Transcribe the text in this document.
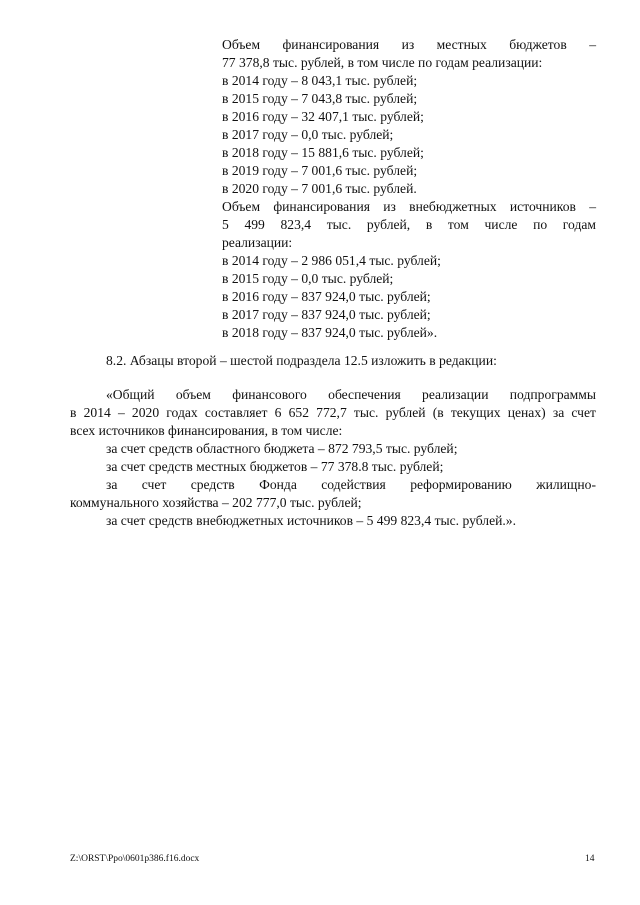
Объем финансирования из местных бюджетов –
77 378,8 тыс. рублей, в том числе по годам реализации:
в 2014 году – 8 043,1 тыс. рублей;
в 2015 году – 7 043,8 тыс. рублей;
в 2016 году – 32 407,1 тыс. рублей;
в 2017 году – 0,0 тыс. рублей;
в 2018 году – 15 881,6 тыс. рублей;
в 2019 году – 7 001,6 тыс. рублей;
в 2020 году – 7 001,6 тыс. рублей.
Объем финансирования из внебюджетных источников –
5 499 823,4 тыс. рублей, в том числе по годам
реализации:
в 2014 году – 2 986 051,4 тыс. рублей;
в 2015 году – 0,0 тыс. рублей;
в 2016 году – 837 924,0 тыс. рублей;
в 2017 году – 837 924,0 тыс. рублей;
в 2018 году – 837 924,0 тыс. рублей».
8.2. Абзацы второй – шестой подраздела 12.5 изложить в редакции:
«Общий объем финансового обеспечения реализации подпрограммы
в 2014 – 2020 годах составляет 6 652 772,7 тыс. рублей (в текущих ценах) за счет
всех источников финансирования, в том числе:
за счет средств областного бюджета – 872 793,5 тыс. рублей;
за счет средств местных бюджетов – 77 378.8 тыс. рублей;
за счет средств Фонда содействия реформированию жилищно-
коммунального хозяйства – 202 777,0 тыс. рублей;
за счет средств внебюджетных источников – 5 499 823,4 тыс. рублей.».
Z:\ORST\Ppo\0601p386.f16.docx	14
